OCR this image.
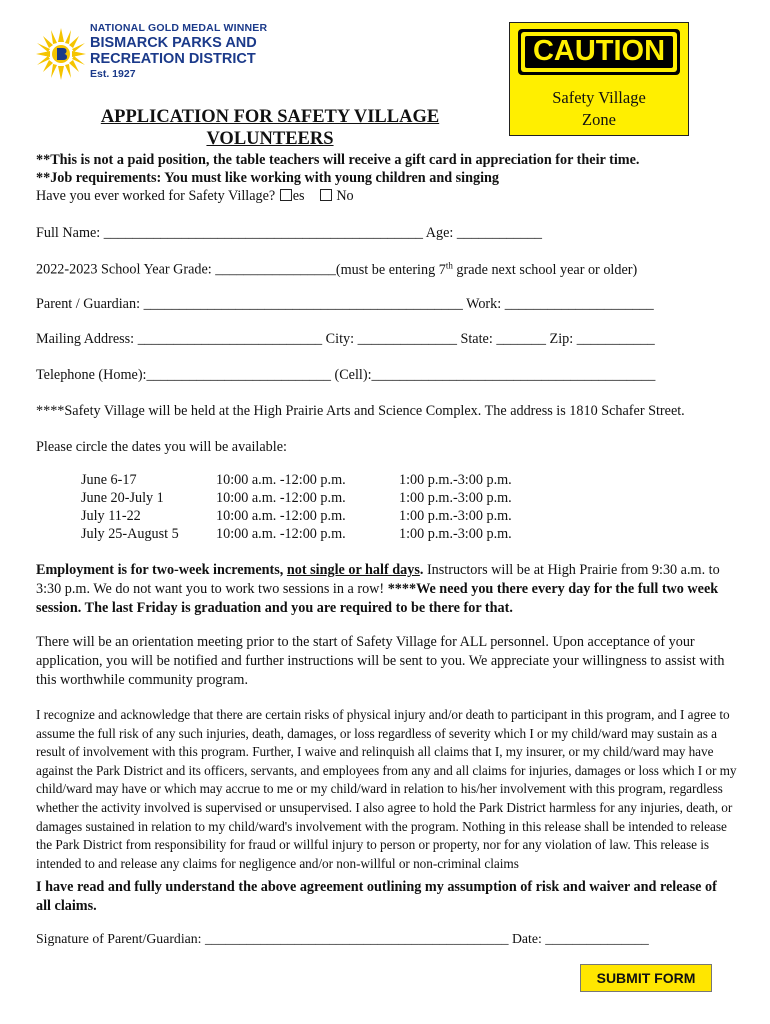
NATIONAL GOLD MEDAL WINNER
BISMARCK PARKS AND
RECREATION DISTRICT
Est. 1927
CAUTION
Safety Village
Zone
APPLICATION FOR SAFETY VILLAGE
VOLUNTEERS
**This is not a paid position, the table teachers will receive a gift card in appreciation for their time.
**Job requirements: You must like working with young children and singing
Have you ever worked for Safety Village? es No
Full Name: _____________________________________________ Age: ____________
2022-2023 School Year Grade: _________________(must be entering 7th grade next school year or older)
Parent / Guardian: _____________________________________________ Work: _____________________
Mailing Address: __________________________ City: ______________ State: _______ Zip: ___________
Telephone (Home):__________________________ (Cell):________________________________________
****Safety Village will be held at the High Prairie Arts and Science Complex. The address is 1810 Schafer Street.
Please circle the dates you will be available:
June 6-17	10:00 a.m. -12:00 p.m.	1:00 p.m.-3:00 p.m.
June 20-July 1	10:00 a.m. -12:00 p.m.	1:00 p.m.-3:00 p.m.
July 11-22	10:00 a.m. -12:00 p.m.	1:00 p.m.-3:00 p.m.
July 25-August 5	10:00 a.m. -12:00 p.m.	1:00 p.m.-3:00 p.m.
Employment is for two-week increments, not single or half days. Instructors will be at High Prairie from 9:30 a.m. to 3:30 p.m. We do not want you to work two sessions in a row! ****We need you there every day for the full two week session. The last Friday is graduation and you are required to be there for that.
There will be an orientation meeting prior to the start of Safety Village for ALL personnel. Upon acceptance of your application, you will be notified and further instructions will be sent to you. We appreciate your willingness to assist with this worthwhile community program.
I recognize and acknowledge that there are certain risks of physical injury and/or death to participant in this program, and I agree to assume the full risk of any such injuries, death, damages, or loss regardless of severity which I or my child/ward may sustain as a result of involvement with this program. Further, I waive and relinquish all claims that I, my insurer, or my child/ward may have against the Park District and its officers, servants, and employees from any and all claims for injuries, damages or loss which I or my child/ward may have or which may accrue to me or my child/ward in relation to his/her involvement with this program, regardless whether the activity involved is supervised or unsupervised. I also agree to hold the Park District harmless for any injuries, death, or damages sustained in relation to my child/ward's involvement with the program. Nothing in this release shall be intended to release the Park District from responsibility for fraud or willful injury to person or property, nor for any violation of law. This release is intended to and release any claims for negligence and/or non-willful or non-criminal claims
I have read and fully understand the above agreement outlining my assumption of risk and waiver and release of all claims.
Signature of Parent/Guardian: ____________________________________________ Date: _______________
SUBMIT FORM
